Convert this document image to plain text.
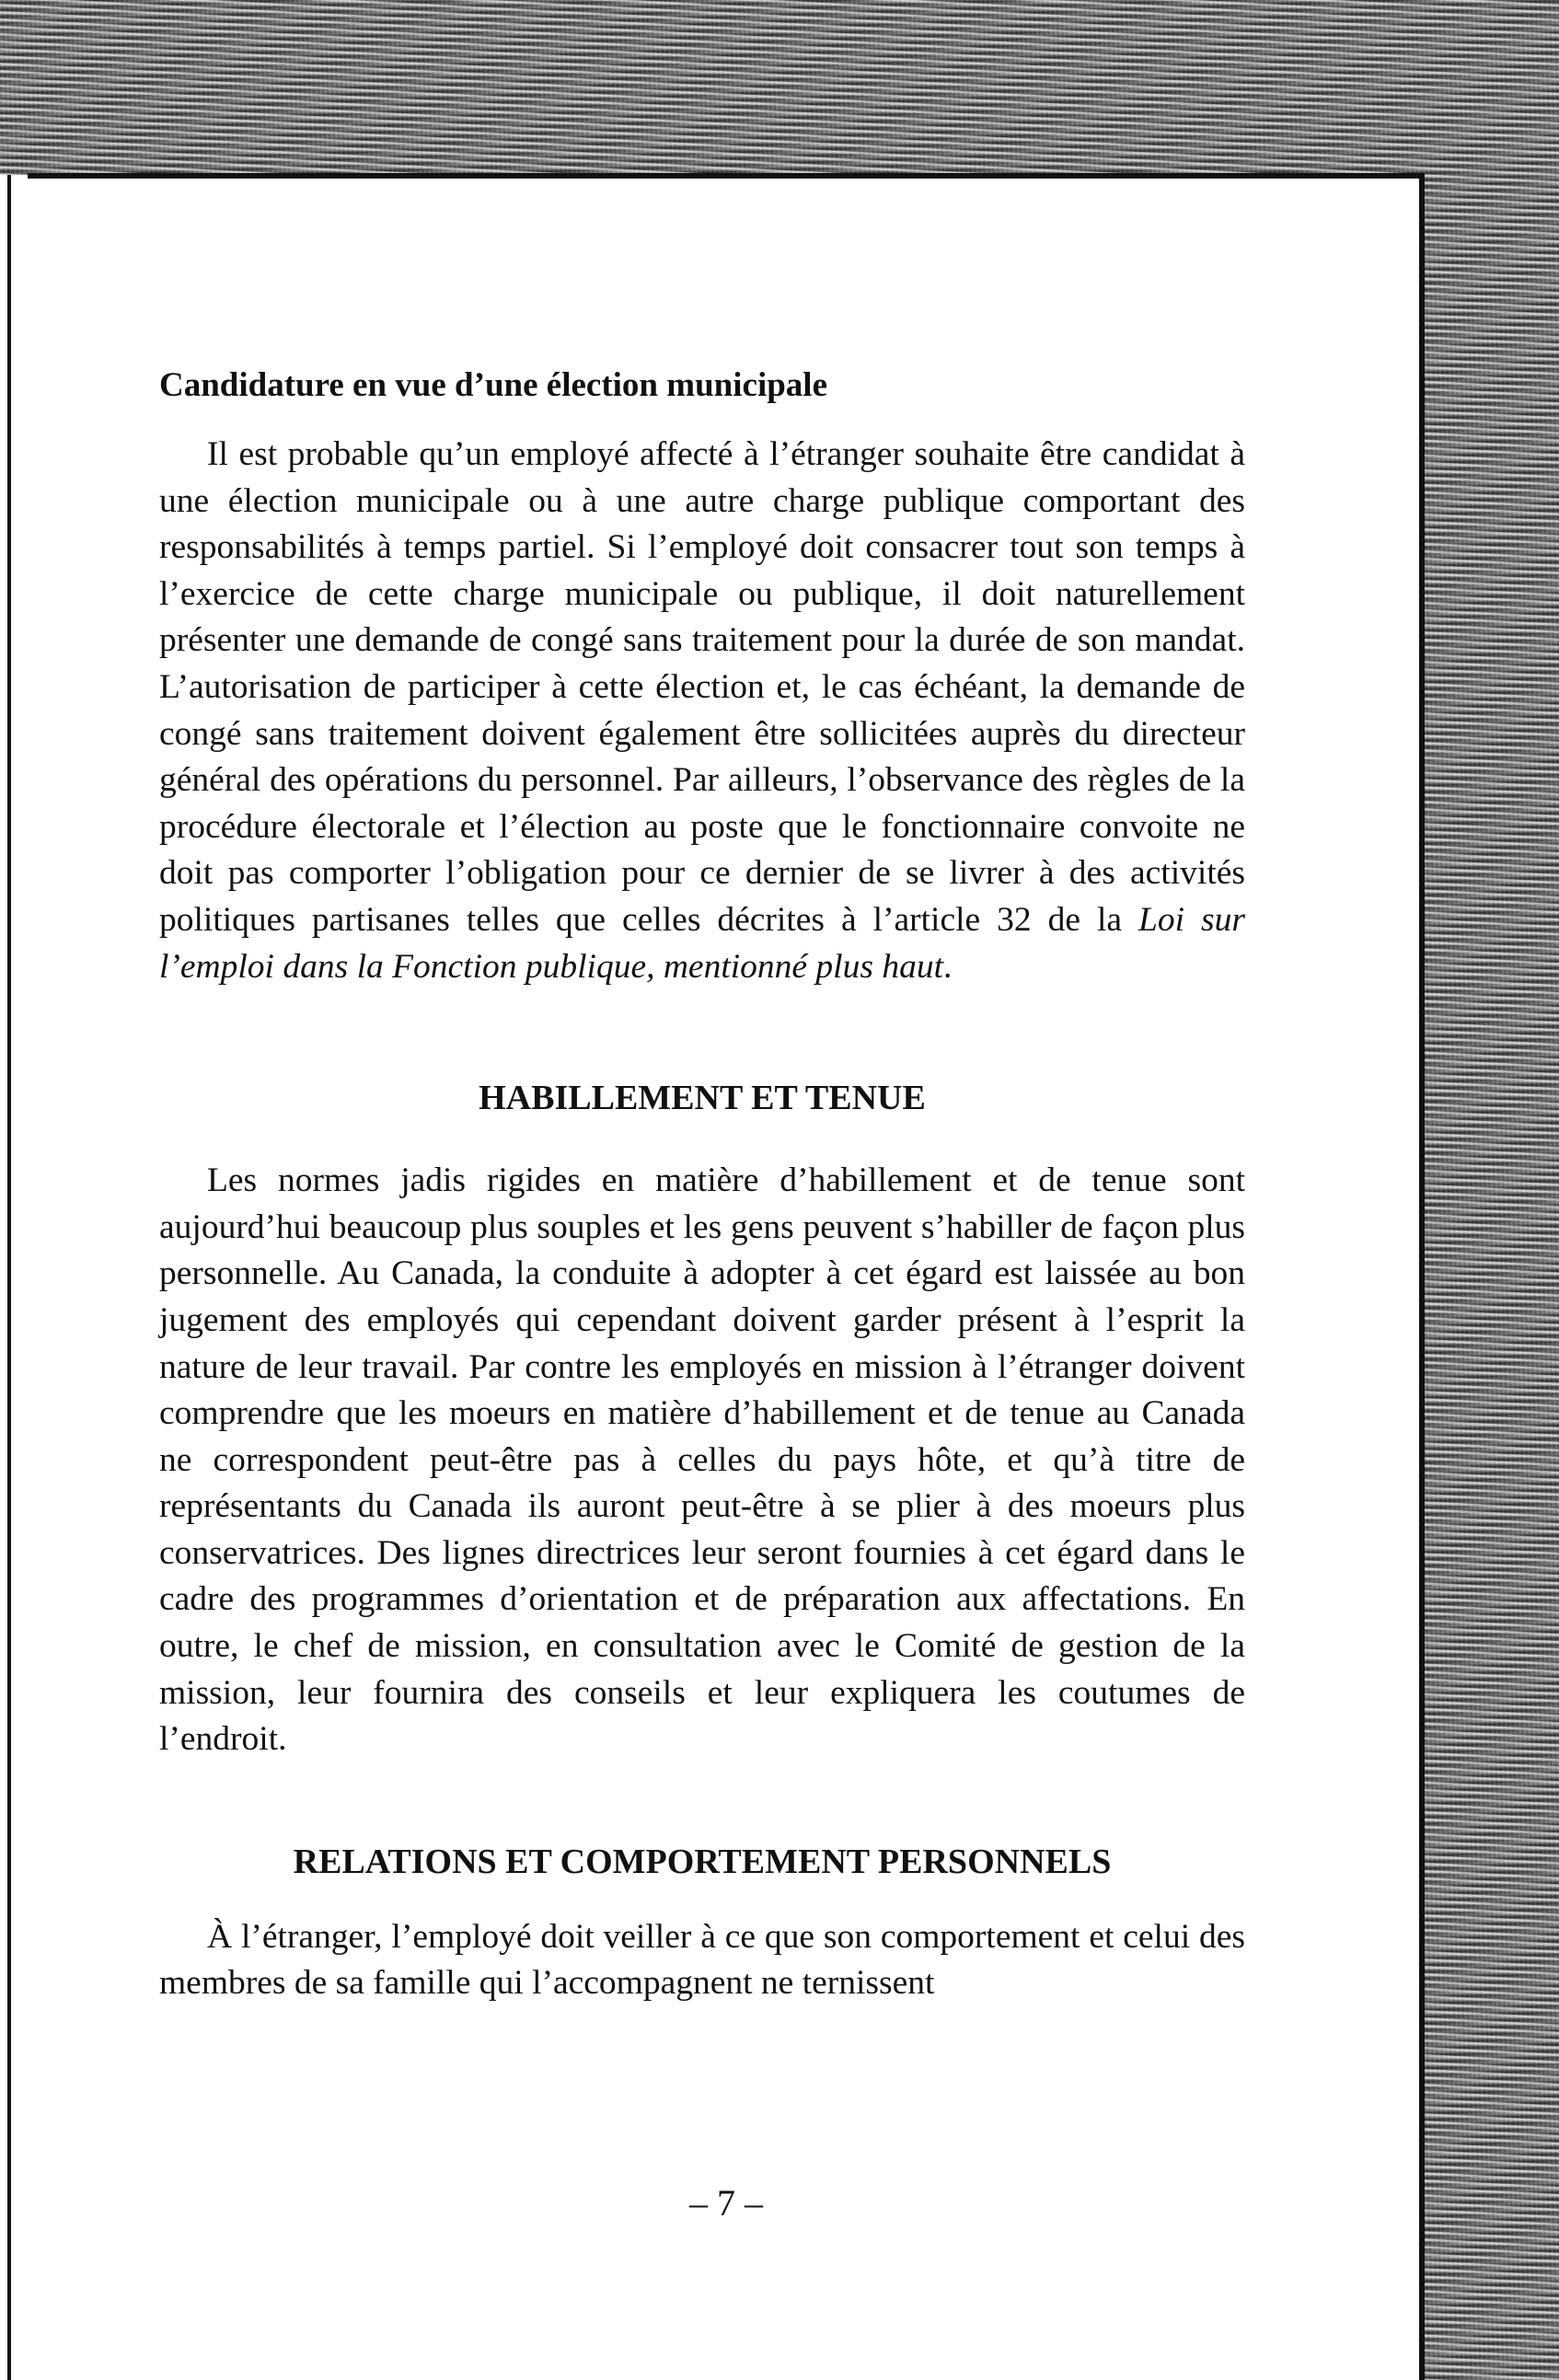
Candidature en vue d’une élection municipale

Il est probable qu’un employé affecté à l’étranger souhaite être candidat à une élection municipale ou à une autre charge publique comportant des responsabilités à temps partiel. Si l’employé doit consacrer tout son temps à l’exercice de cette charge municipale ou publique, il doit naturellement présenter une demande de congé sans traitement pour la durée de son mandat. L’autorisation de participer à cette élection et, le cas échéant, la demande de congé sans traitement doivent également être sollicitées auprès du directeur général des opérations du personnel. Par ailleurs, l’observance des règles de la procédure électorale et l’élection au poste que le fonctionnaire convoite ne doit pas comporter l’obligation pour ce dernier de se livrer à des activités politiques partisanes telles que celles décrites à l’article 32 de la Loi sur l’emploi dans la Fonction publique, mentionné plus haut.

HABILLEMENT ET TENUE

Les normes jadis rigides en matière d’habillement et de tenue sont aujourd’hui beaucoup plus souples et les gens peuvent s’habiller de façon plus personnelle. Au Canada, la conduite à adopter à cet égard est laissée au bon jugement des employés qui cependant doivent garder présent à l’esprit la nature de leur travail. Par contre les employés en mission à l’étranger doivent comprendre que les moeurs en matière d’habillement et de tenue au Canada ne correspondent peut-être pas à celles du pays hôte, et qu’à titre de représentants du Canada ils auront peut-être à se plier à des moeurs plus conservatrices. Des lignes directrices leur seront fournies à cet égard dans le cadre des programmes d’orientation et de préparation aux affectations. En outre, le chef de mission, en consultation avec le Comité de gestion de la mission, leur fournira des conseils et leur expliquera les coutumes de l’endroit.

RELATIONS ET COMPORTEMENT PERSONNELS

À l’étranger, l’employé doit veiller à ce que son comportement et celui des membres de sa famille qui l’accompagnent ne ternissent

– 7 –
